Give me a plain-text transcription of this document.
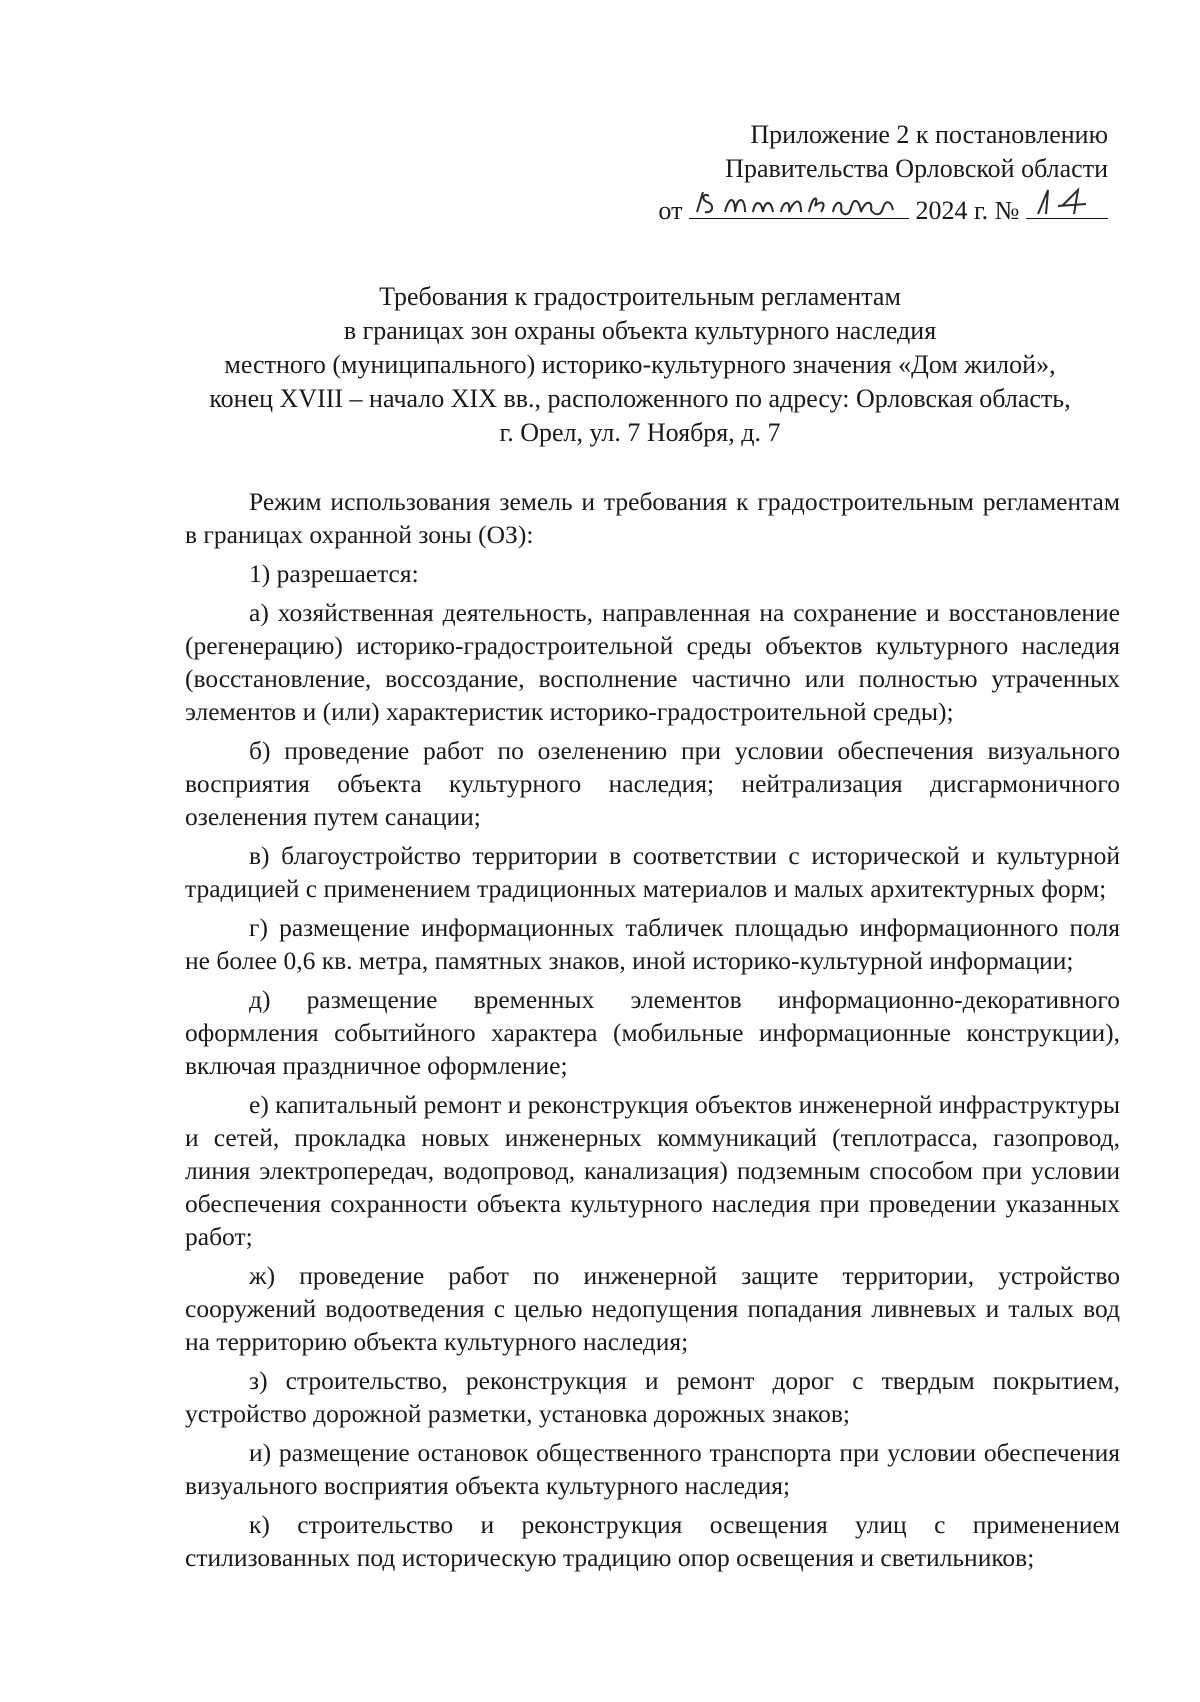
Приложение 2 к постановлению
Правительства Орловской области
от	2024 г. №
Требования к градостроительным регламентам
в границах зон охраны объекта культурного наследия
местного (муниципального) историко-культурного значения «Дом жилой»,
конец XVIII – начало XIX вв., расположенного по адресу: Орловская область,
г. Орел, ул. 7 Ноября, д. 7

Режим использования земель и требования к градостроительным регламентам в границах охранной зоны (ОЗ):

1) разрешается:

а) хозяйственная деятельность, направленная на сохранение и восстановление (регенерацию) историко-градостроительной среды объектов культурного наследия (восстановление, воссоздание, восполнение частично или полностью утраченных элементов и (или) характеристик историко-градостроительной среды);

б) проведение работ по озеленению при условии обеспечения визуального восприятия объекта культурного наследия; нейтрализация дисгармоничного озеленения путем санации;

в) благоустройство территории в соответствии с исторической и культурной традицией с применением традиционных материалов и малых архитектурных форм;

г) размещение информационных табличек площадью информационного поля не более 0,6 кв. метра, памятных знаков, иной историко-культурной информации;

д) размещение временных элементов информационно-декоративного оформления событийного характера (мобильные информационные конструкции), включая праздничное оформление;

е) капитальный ремонт и реконструкция объектов инженерной инфраструктуры и сетей, прокладка новых инженерных коммуникаций (теплотрасса, газопровод, линия электропередач, водопровод, канализация) подземным способом при условии обеспечения сохранности объекта культурного наследия при проведении указанных работ;

ж) проведение работ по инженерной защите территории, устройство сооружений водоотведения с целью недопущения попадания ливневых и талых вод на территорию объекта культурного наследия;

з) строительство, реконструкция и ремонт дорог с твердым покрытием, устройство дорожной разметки, установка дорожных знаков;

и) размещение остановок общественного транспорта при условии обеспечения визуального восприятия объекта культурного наследия;

к) строительство и реконструкция освещения улиц с применением стилизованных под историческую традицию опор освещения и светильников;
